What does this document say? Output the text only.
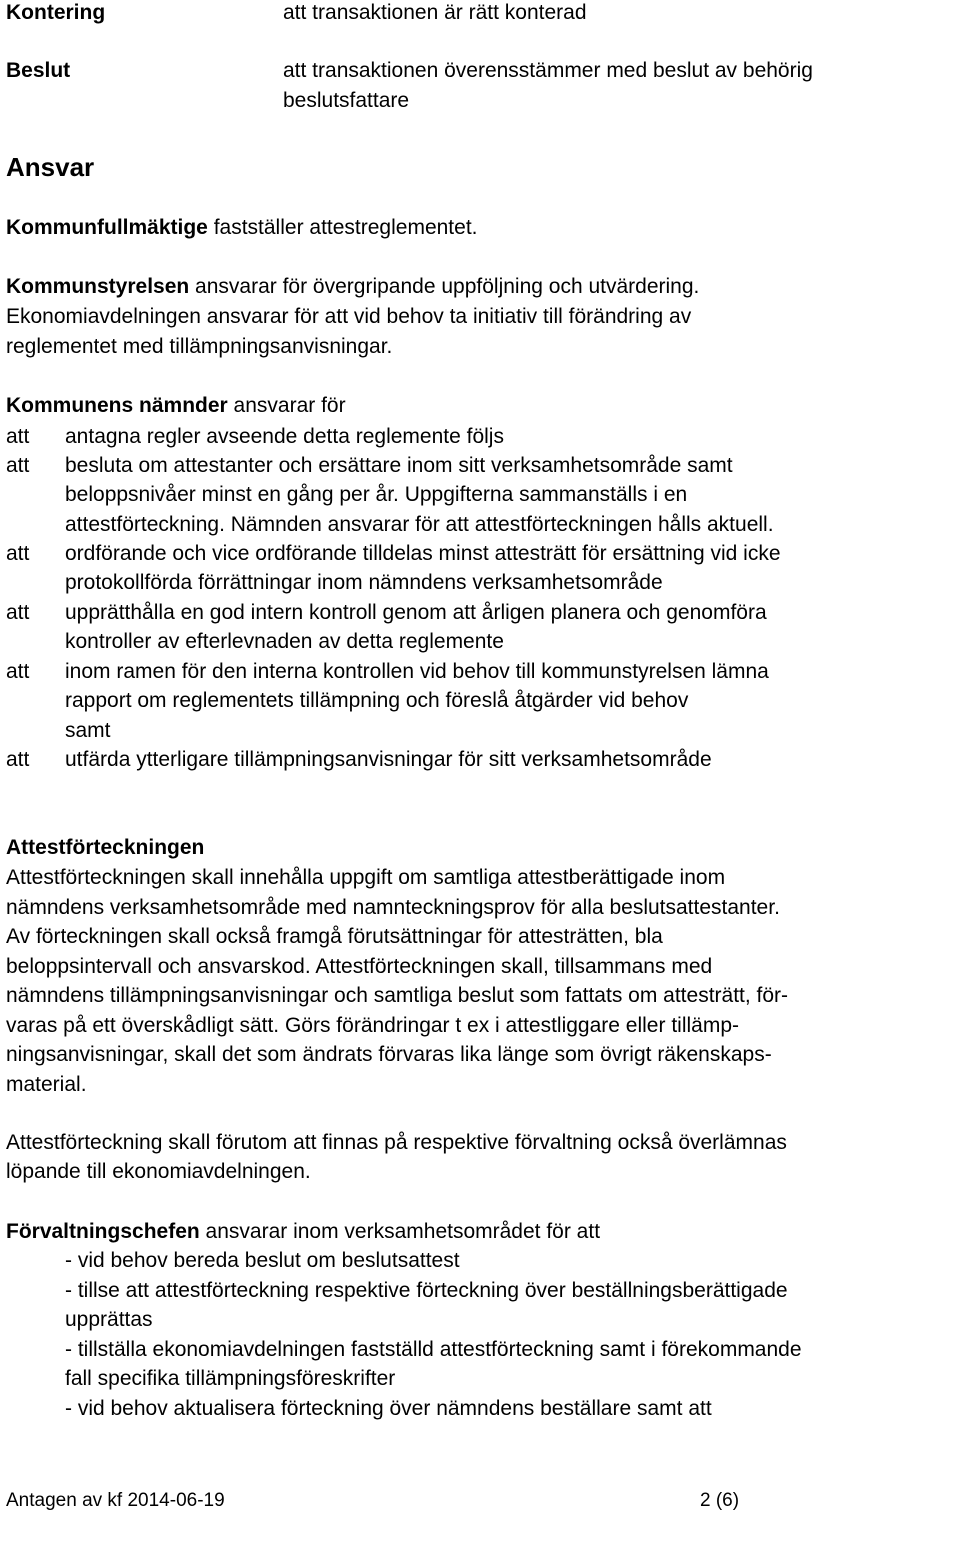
Kontering	att transaktionen är rätt konterad
Beslut	att transaktionen överensstämmer med beslut av behörig
beslutsfattare
Ansvar
Kommunfullmäktige fastställer attestreglementet.
Kommunstyrelsen ansvarar för övergripande uppföljning och utvärdering.
Ekonomiavdelningen ansvarar för att vid behov ta initiativ till förändring av
reglementet med tillämpningsanvisningar.
Kommunens nämnder ansvarar för
att antagna regler avseende detta reglemente följs
att besluta om attestanter och ersättare inom sitt verksamhetsområde samt
beloppsnivåer minst en gång per år. Uppgifterna sammanställs i en
attestförteckning. Nämnden ansvarar för att attestförteckningen hålls aktuell.
att ordförande och vice ordförande tilldelas minst attesträtt för ersättning vid icke
protokollförda förrättningar inom nämndens verksamhetsområde
att upprätthålla en god intern kontroll genom att årligen planera och genomföra
kontroller av efterlevnaden av detta reglemente
att inom ramen för den interna kontrollen vid behov till kommunstyrelsen lämna
rapport om reglementets tillämpning och föreslå åtgärder vid behov
samt
att utfärda ytterligare tillämpningsanvisningar för sitt verksamhetsområde
Attestförteckningen
Attestförteckningen skall innehålla uppgift om samtliga attestberättigade inom
nämndens verksamhetsområde med namnteckningsprov för alla beslutsattestanter.
Av förteckningen skall också framgå förutsättningar för attesträtten, bla
beloppsintervall och ansvarskod. Attestförteckningen skall, tillsammans med
nämndens tillämpningsanvisningar och samtliga beslut som fattats om attesträtt, för-
varas på ett överskådligt sätt. Görs förändringar t ex i attestliggare eller tillämp-
ningsanvisningar, skall det som ändrats förvaras lika länge som övrigt räkenskaps-
material.
Attestförteckning skall förutom att finnas på respektive förvaltning också överlämnas
löpande till ekonomiavdelningen.
Förvaltningschefen ansvarar inom verksamhetsområdet för att
- vid behov bereda beslut om beslutsattest
- tillse att attestförteckning respektive förteckning över beställningsberättigade
upprättas
- tillställa ekonomiavdelningen fastställd attestförteckning samt i förekommande
fall specifika tillämpningsföreskrifter
- vid behov aktualisera förteckning över nämndens beställare samt att
Antagen av kf 2014-06-19	2 (6)
